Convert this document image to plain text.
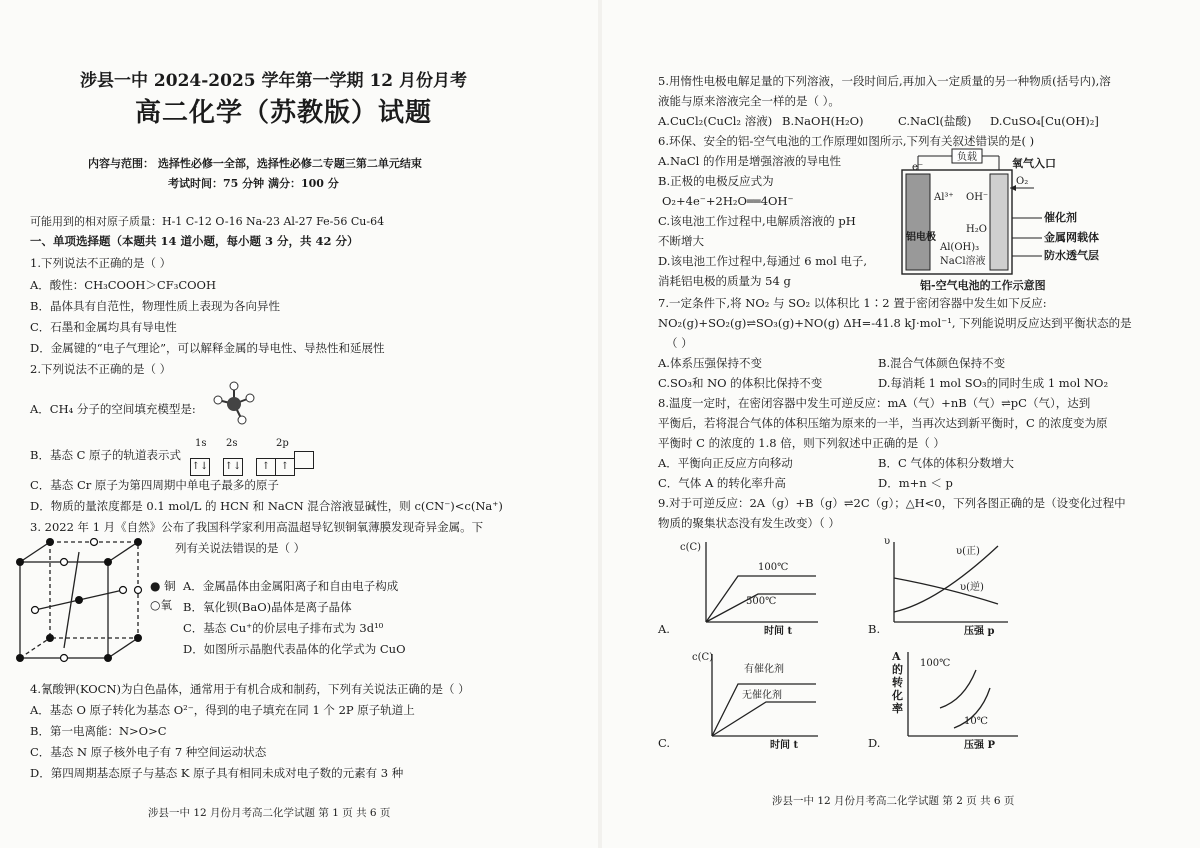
涉县一中 2024-2025 学年第一学期 12 月份月考
高二化学（苏教版）试题
内容与范围： 选择性必修一全部，选择性必修二专题三第二单元结束
考试时间：75 分钟 满分：100 分
可能用到的相对原子质量：H-1 C-12 O-16 Na-23 Al-27 Fe-56 Cu-64
一、单项选择题（本题共 14 道小题，每小题 3 分，共 42 分）
1.下列说法不正确的是（ ）
A．酸性：CH₃COOH＞CF₃COOH
B．晶体具有自范性，物理性质上表现为各向异性
C．石墨和金属均具有导电性
D．金属键的“电子气理论”，可以解释金属的导电性、导热性和延展性
2.下列说法不正确的是（ ）
A．CH₄ 分子的空间填充模型是:
B．基态 C 原子的轨道表示式
1s 2s	2p
↑↓ ↑↓ ↑ ↑
C．基态 Cr 原子为第四周期中单电子最多的原子
D．物质的量浓度都是 0.1 mol/L 的 HCN 和 NaCN 混合溶液显碱性，则 c(CN⁻)<c(Na⁺)
3. 2022 年 1 月《自然》公布了我国科学家利用高温超导钇钡铜氧薄膜发现奇异金属。下
列有关说法错误的是（ ）
● 铜
○氧
A．金属晶体由金属阳离子和自由电子构成
B．氧化钡(BaO)晶体是离子晶体
C．基态 Cu⁺的价层电子排布式为 3d¹⁰
D．如图所示晶胞代表晶体的化学式为 CuO
4.氰酸钾(KOCN)为白色晶体，通常用于有机合成和制药，下列有关说法正确的是（ ）
A．基态 O 原子转化为基态 O²⁻，得到的电子填充在同 1 个 2P 原子轨道上
B．第一电离能：N>O>C
C．基态 N 原子核外电子有 7 种空间运动状态
D．第四周期基态原子与基态 K 原子具有相同未成对电子数的元素有 3 种
涉县一中 12 月份月考高二化学试题 第 1 页 共 6 页
5.用惰性电极电解足量的下列溶液，一段时间后,再加入一定质量的另一种物质(括号内),溶
液能与原来溶液完全一样的是（ ）。
A.CuCl₂(CuCl₂ 溶液) B.NaOH(H₂O)	C.NaCl(盐酸) D.CuSO₄[Cu(OH)₂]
6.环保、安全的铝-空气电池的工作原理如图所示,下列有关叙述错误的是( )
A.NaCl 的作用是增强溶液的导电性
B.正极的电极反应式为
O₂+4e⁻+2H₂O══4OH⁻
C.该电池工作过程中,电解质溶液的 pH
不断增大
D.该电池工作过程中,每通过 6 mol 电子,
消耗铝电极的质量为 54 g
负载
e⁻	氧气入口
O₂
Al³⁺ OH⁻
H₂O
铝电极
Al(OH)₃
NaCl溶液
催化剂
金属网载体
防水透气层
铝-空气电池的工作示意图
7.一定条件下,将 NO₂ 与 SO₂ 以体积比 1∶2 置于密闭容器中发生如下反应:
NO₂(g)+SO₂(g)⇌SO₃(g)+NO(g) ΔH=-41.8 kJ·mol⁻¹, 下列能说明反应达到平衡状态的是
（ ）
A.体系压强保持不变	B.混合气体颜色保持不变
C.SO₃和 NO 的体积比保持不变	D.每消耗 1 mol SO₃的同时生成 1 mol NO₂
8.温度一定时，在密闭容器中发生可逆反应：mA（气）+nB（气）⇌pC（气），达到
平衡后，若将混合气体的体积压缩为原来的一半，当再次达到新平衡时，C 的浓度变为原
平衡时 C 的浓度的 1.8 倍，则下列叙述中正确的是（ ）
A．平衡向正反应方向移动	B．C 气体的体积分数增大
C．气体 A 的转化率升高	D．m+n ＜ p
9.对于可逆反应：2A（g）+B（g）⇌2C（g）；△H<0，下列各图正确的是（设变化过程中
物质的聚集状态没有发生改变）（ ）
A.
c(C)
时间 t
100℃
500℃
B.
υ
压强 p
υ(正)
υ(逆)
C.
c(C)
时间 t
有催化剂
无催化剂
D.
A的转化率
压强 P
100℃
10℃
涉县一中 12 月份月考高二化学试题 第 2 页 共 6 页
